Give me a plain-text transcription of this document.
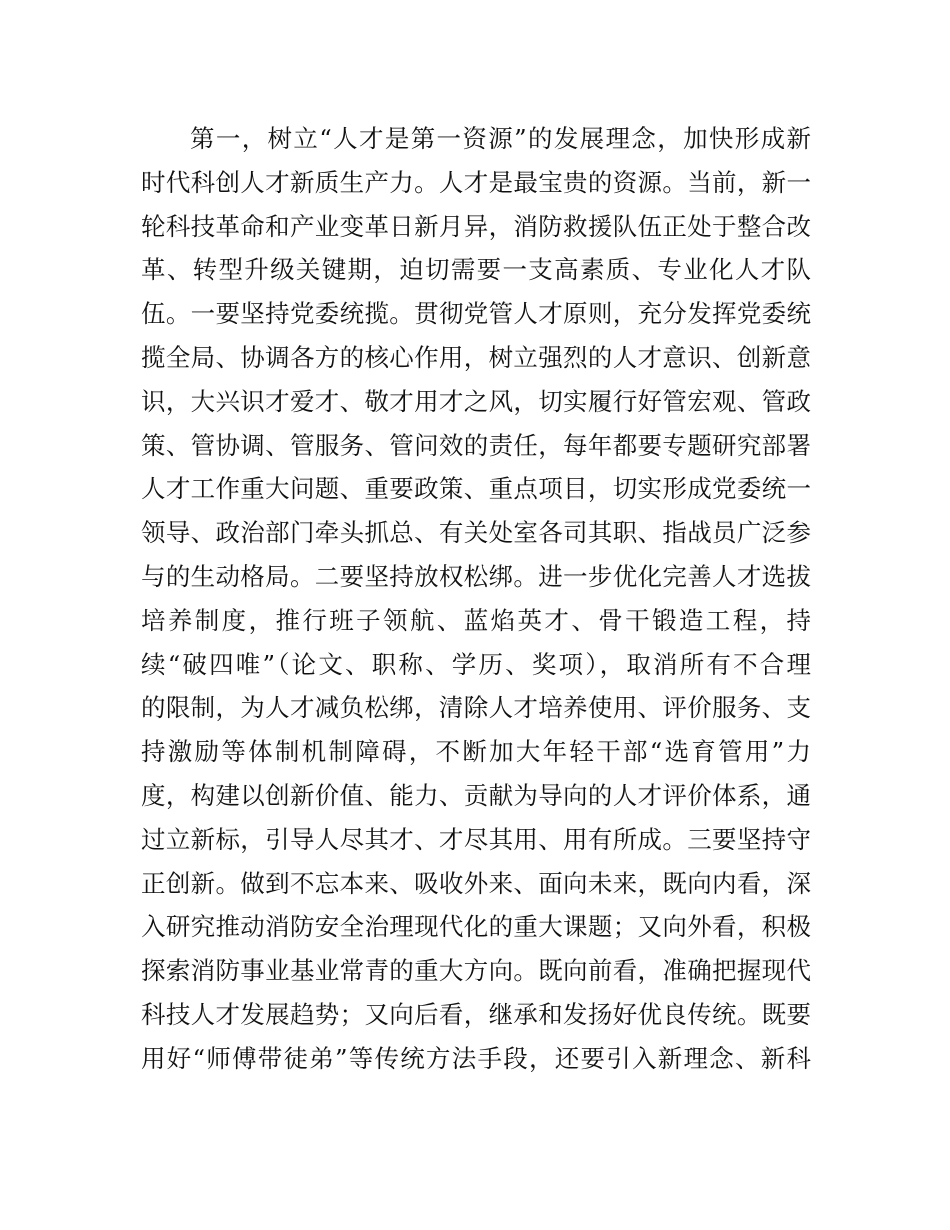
第一，树立“人才是第一资源”的发展理念，加快形成新
时代科创人才新质生产力。人才是最宝贵的资源。当前，新一
轮科技革命和产业变革日新月异，消防救援队伍正处于整合改
革、转型升级关键期，迫切需要一支高素质、专业化人才队
伍。一要坚持党委统揽。贯彻党管人才原则，充分发挥党委统
揽全局、协调各方的核心作用，树立强烈的人才意识、创新意
识，大兴识才爱才、敬才用才之风，切实履行好管宏观、管政
策、管协调、管服务、管问效的责任，每年都要专题研究部署
人才工作重大问题、重要政策、重点项目，切实形成党委统一
领导、政治部门牵头抓总、有关处室各司其职、指战员广泛参
与的生动格局。二要坚持放权松绑。进一步优化完善人才选拔
培养制度，推行班子领航、蓝焰英才、骨干锻造工程，持
续“破四唯”（论文、职称、学历、奖项），取消所有不合理
的限制，为人才减负松绑，清除人才培养使用、评价服务、支
持激励等体制机制障碍，不断加大年轻干部“选育管用”力
度，构建以创新价值、能力、贡献为导向的人才评价体系，通
过立新标，引导人尽其才、才尽其用、用有所成。三要坚持守
正创新。做到不忘本来、吸收外来、面向未来，既向内看，深
入研究推动消防安全治理现代化的重大课题；又向外看，积极
探索消防事业基业常青的重大方向。既向前看，准确把握现代
科技人才发展趋势；又向后看，继承和发扬好优良传统。既要
用好“师傅带徒弟”等传统方法手段，还要引入新理念、新科
